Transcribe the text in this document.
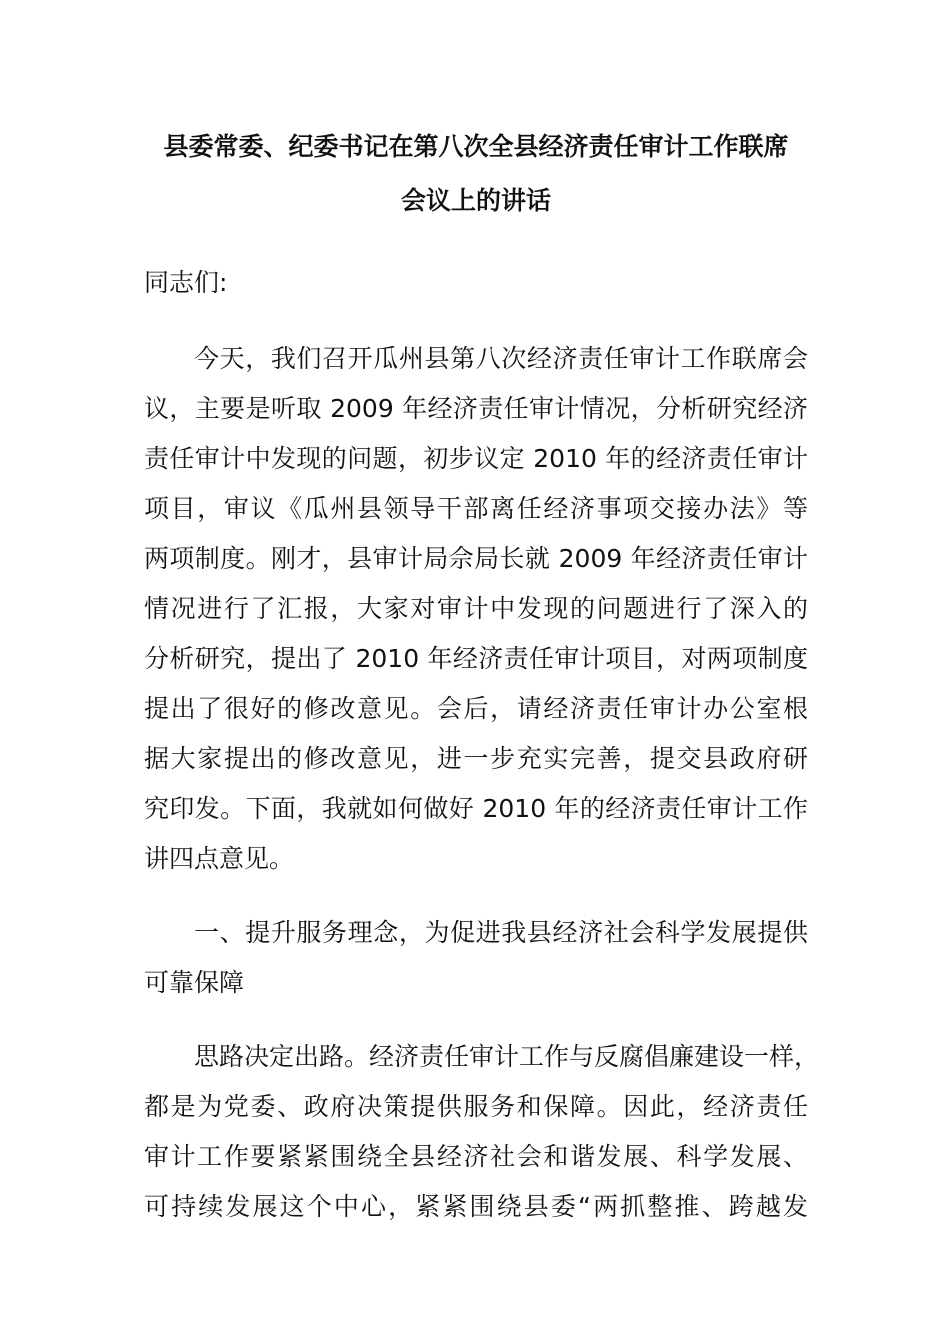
县委常委、纪委书记在第八次全县经济责任审计工作联席
会议上的讲话

同志们:

今天，我们召开瓜州县第八次经济责任审计工作联席会
议，主要是听取 2009 年经济责任审计情况，分析研究经济
责任审计中发现的问题，初步议定 2010 年的经济责任审计
项目，审议《瓜州县领导干部离任经济事项交接办法》等
两项制度。刚才，县审计局佘局长就 2009 年经济责任审计
情况进行了汇报，大家对审计中发现的问题进行了深入的
分析研究，提出了 2010 年经济责任审计项目，对两项制度
提出了很好的修改意见。会后，请经济责任审计办公室根
据大家提出的修改意见，进一步充实完善，提交县政府研
究印发。下面，我就如何做好 2010 年的经济责任审计工作
讲四点意见。

一、提升服务理念，为促进我县经济社会科学发展提供
可靠保障

思路决定出路。经济责任审计工作与反腐倡廉建设一样，
都是为党委、政府决策提供服务和保障。因此，经济责任
审计工作要紧紧围绕全县经济社会和谐发展、科学发展、
可持续发展这个中心，紧紧围绕县委“两抓整推、跨越发
